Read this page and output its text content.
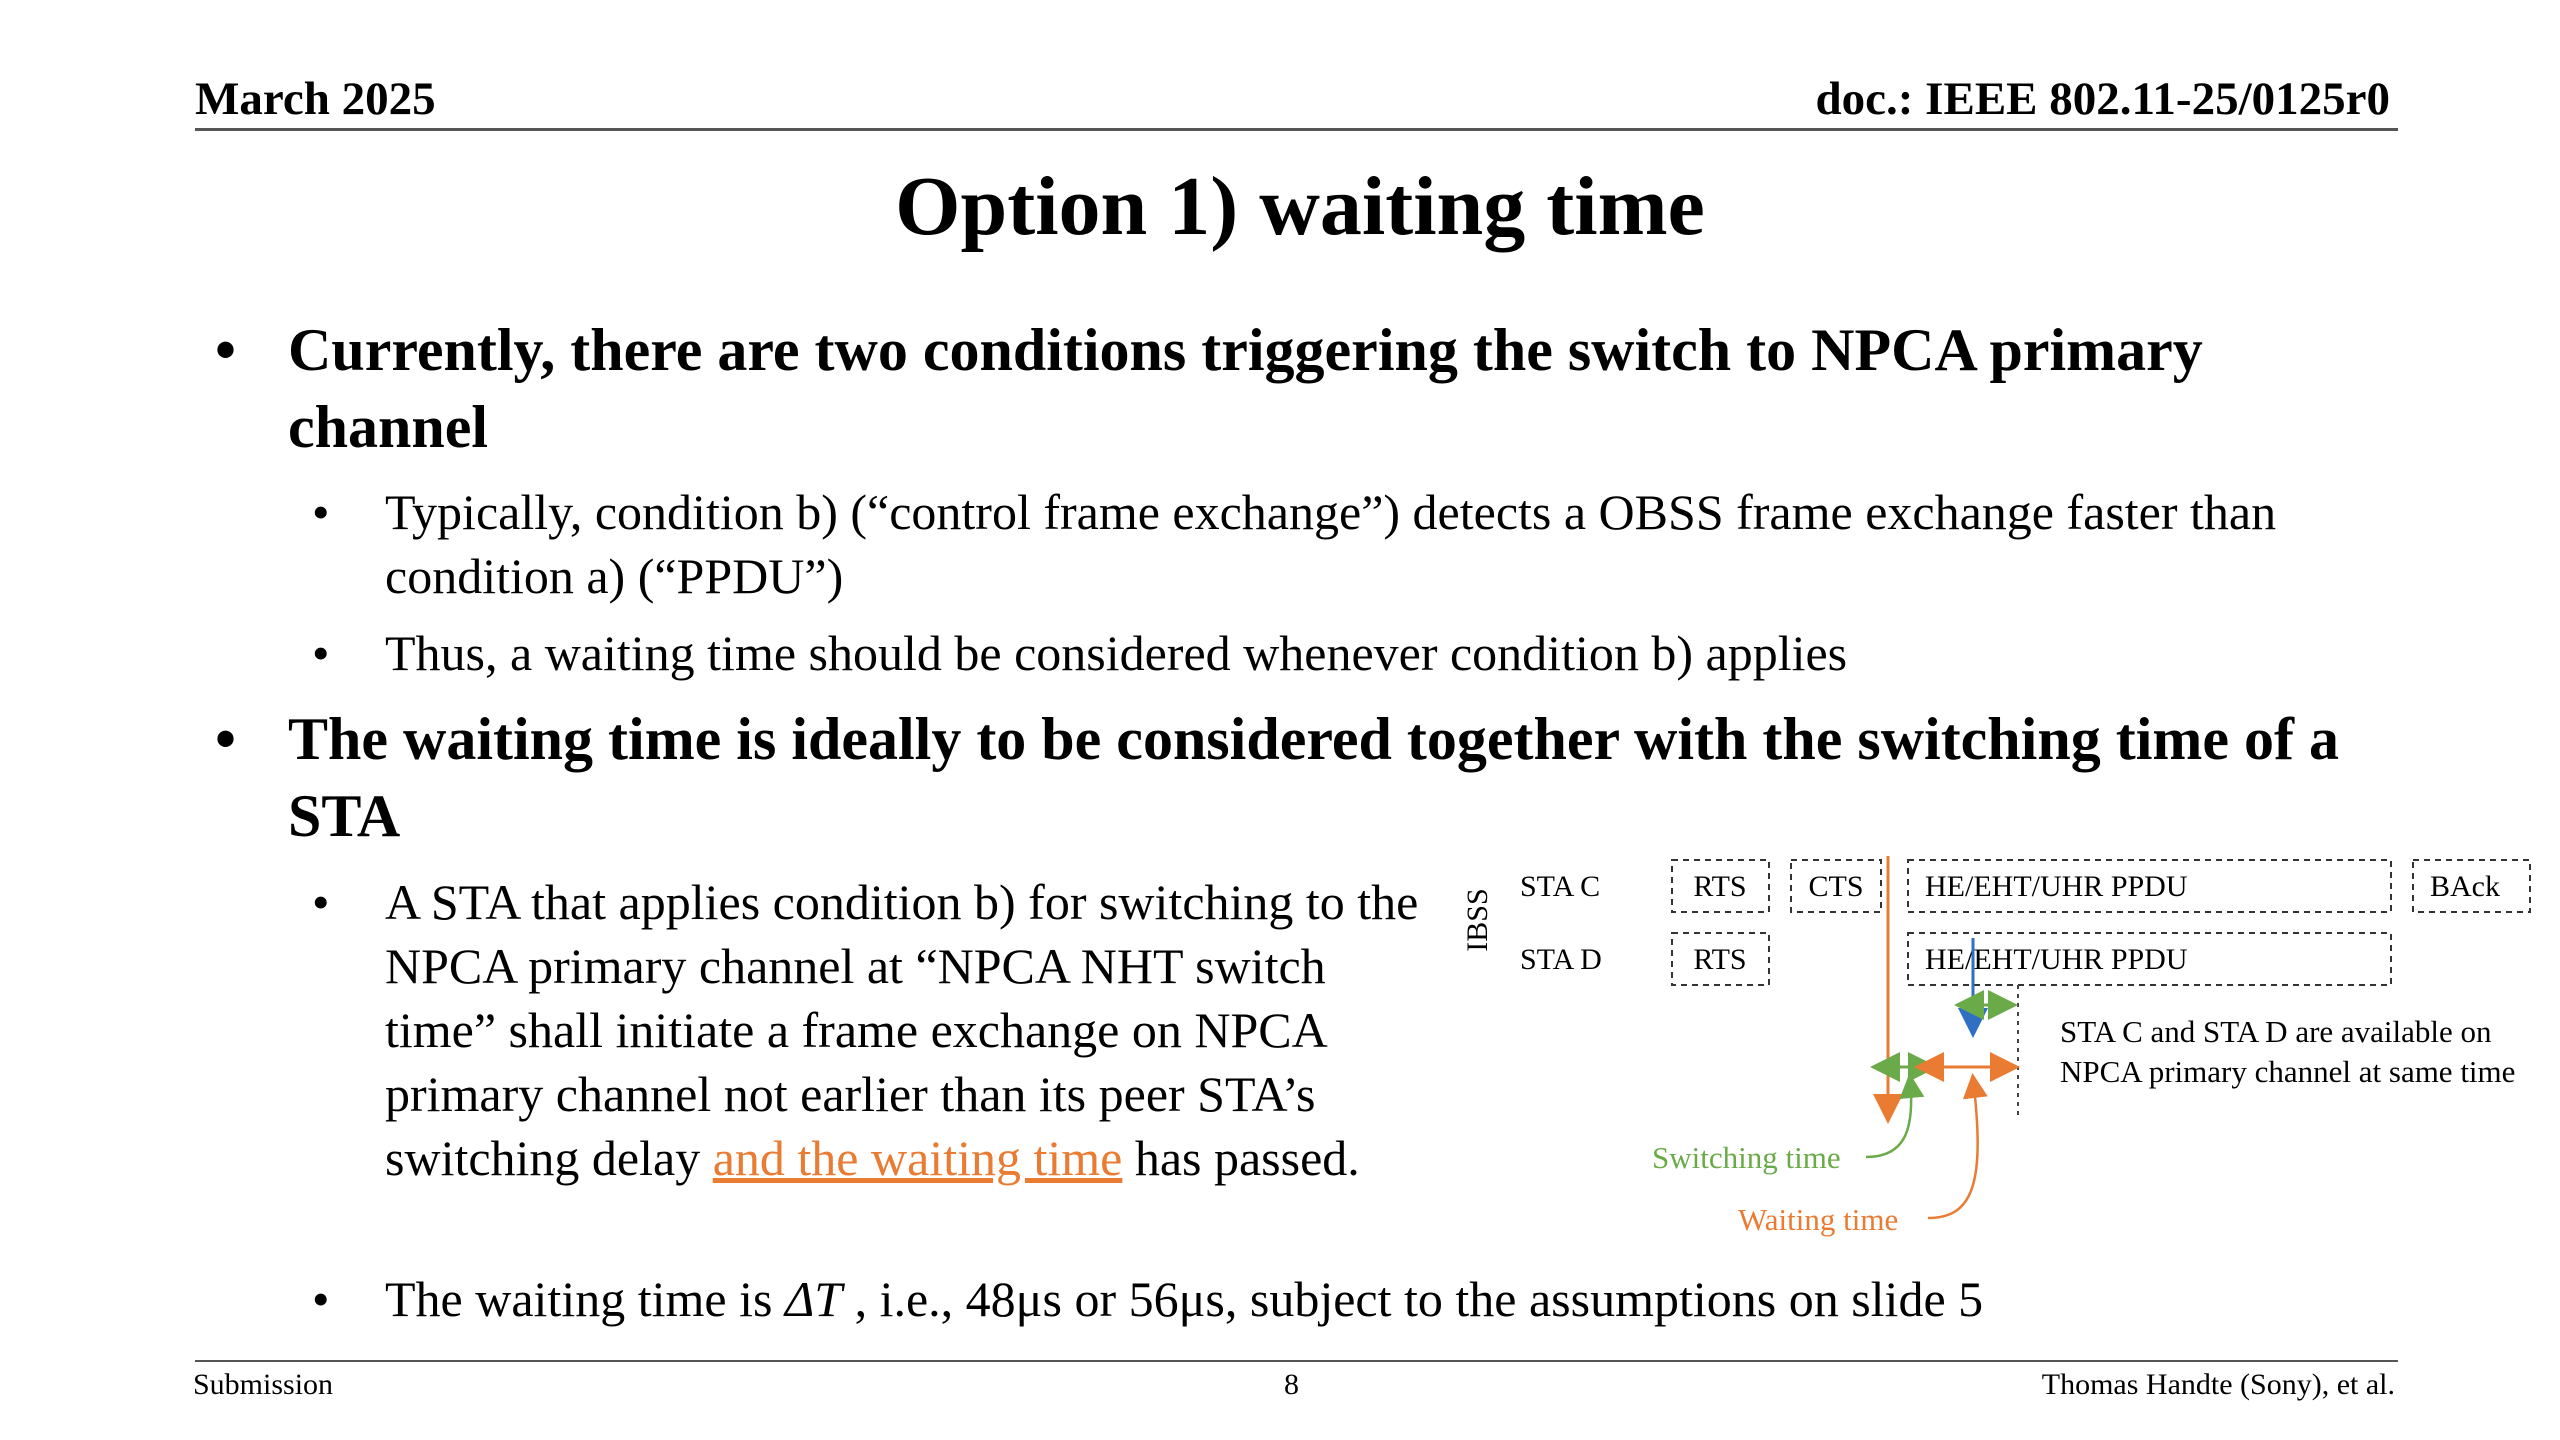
March 2025	doc.: IEEE 802.11-25/0125r0
Option 1) waiting time
• Currently, there are two conditions triggering the switch to NPCA primary channel
• Typically, condition b) (“control frame exchange”) detects a OBSS frame exchange faster than condition a) (“PPDU”)
• Thus, a waiting time should be considered whenever condition b) applies
• The waiting time is ideally to be considered together with the switching time of a STA
• A STA that applies condition b) for switching to the NPCA primary channel at “NPCA NHT switch time” shall initiate a frame exchange on NPCA primary channel not earlier than its peer STA’s switching delay and the waiting time has passed.
• The waiting time is ΔT , i.e., 48μs or 56μs, subject to the assumptions on slide 5
IBSS
STA C
STA D
RTS CTS HE/EHT/UHR PPDU	BAck
RTS	HE/EHT/UHR PPDU
Switching time
Waiting time
STA C and STA D are available on
NPCA primary channel at same time
Submission	8	Thomas Handte (Sony), et al.
